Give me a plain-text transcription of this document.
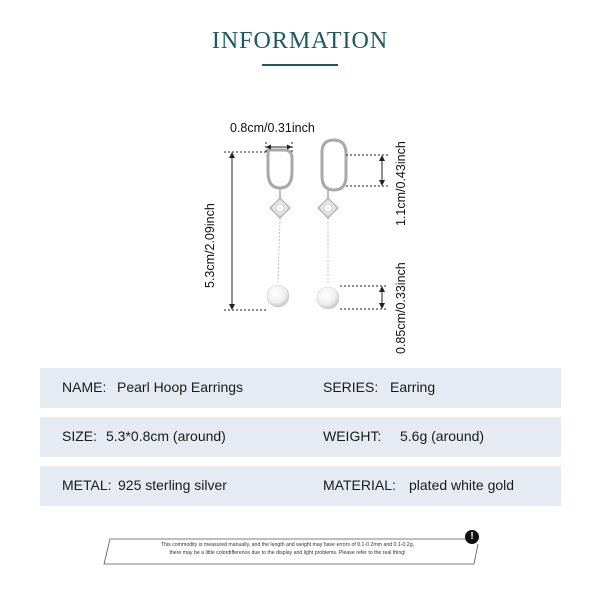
INFORMATION
0.8cm/0.31inch
5.3cm/2.09inch
1.1cm/0.43inch
0.85cm/0.33inch
NAME: Pearl Hoop Earrings	SERIES: Earring
SIZE: 5.3*0.8cm (around)	WEIGHT: 5.6g (around)
METAL: 925 sterling silver	MATERIAL: plated white gold
This commodity is measured manually, and the length and weight may have errors of 0.1-0.2mm and 0.1-0.2g,
there may be a little colordifference due to the display and light problems. Please refer to the real thing!
!
